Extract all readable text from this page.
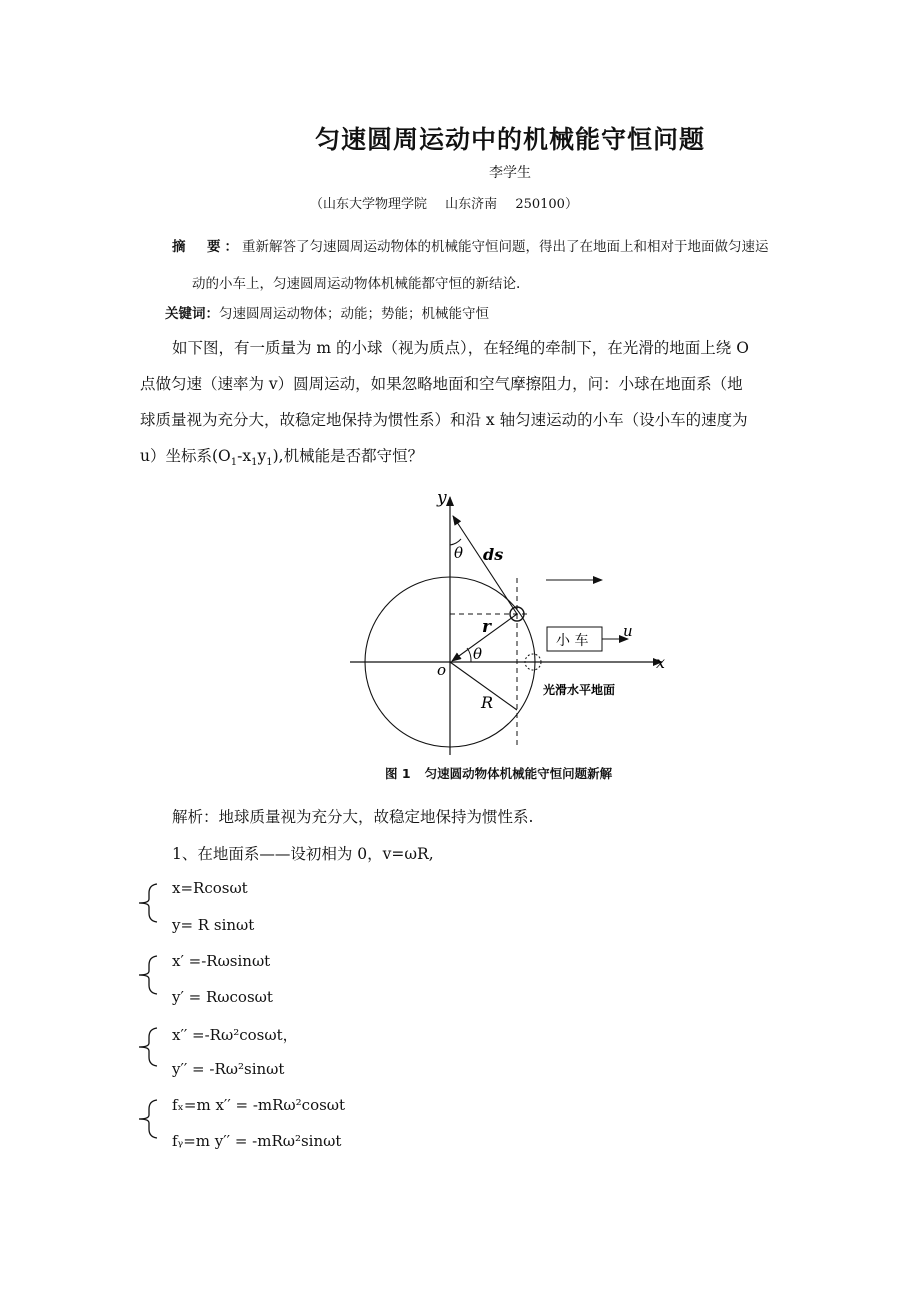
匀速圆周运动中的机械能守恒问题
李学生
（山东大学物理学院 山东济南 250100）
摘　要：重新解答了匀速圆周运动物体的机械能守恒问题，得出了在地面上和相对于地面做匀速运
动的小车上，匀速圆周运动物体机械能都守恒的新结论.
关键词：匀速圆周运动物体；动能；势能；机械能守恒
如下图，有一质量为 m 的小球（视为质点），在轻绳的牵制下，在光滑的地面上绕 O
点做匀速（速率为 v）圆周运动，如果忽略地面和空气摩擦阻力，问：小球在地面系（地
球质量视为充分大，故稳定地保持为惯性系）和沿 x 轴匀速运动的小车（设小车的速度为
u）坐标系$(O_1-x_1y_1)$,机械能是否都守恒？
y
x
o
θ
θ
ds
r
R
u
小 车
光滑水平地面
图 1 匀速圆动物体机械能守恒问题新解
解析：地球质量视为充分大，故稳定地保持为惯性系.
1、在地面系——设初相为 0，v=ωR,
x=Rcosωt
y= R sinωt
x′ =-Rωsinωt
y′ = Rωcosωt
x′′ =-Rω²cosωt，
y′′ = -Rω²sinωt
fₓ=m x′′ = -mRω²cosωt
fᵧ=m y′′ = -mRω²sinωt
